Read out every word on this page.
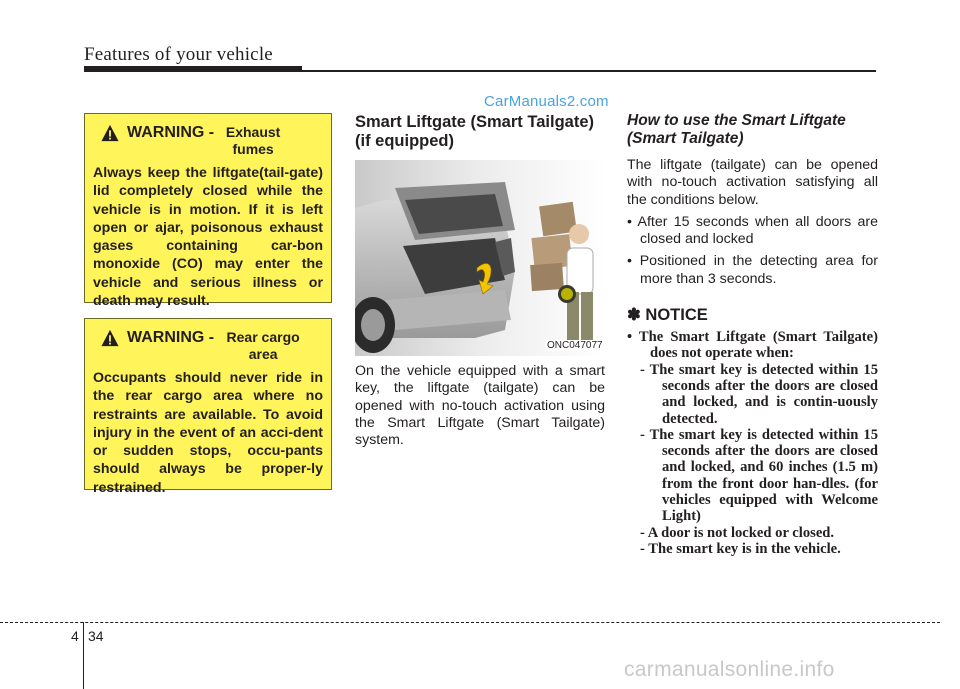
Features of your vehicle
CarManuals2.com
WARNING - Exhaust fumes
Always keep the liftgate(tail-gate) lid completely closed while the vehicle is in motion. If it is left open or ajar, poisonous exhaust gases containing car-bon monoxide (CO) may enter the vehicle and serious illness or death may result.
WARNING - Rear cargo area
Occupants should never ride in the rear cargo area where no restraints are available. To avoid injury in the event of an acci-dent or sudden stops, occu-pants should always be proper-ly restrained.
Smart Liftgate (Smart Tailgate) (if equipped)
ONC047077
On the vehicle equipped with a smart key, the liftgate (tailgate) can be opened with no-touch activation using the Smart Liftgate (Smart Tailgate) system.
How to use the Smart Liftgate (Smart Tailgate)
The liftgate (tailgate) can be opened with no-touch activation satisfying all the conditions below.
• After 15 seconds when all doors are closed and locked
• Positioned in the detecting area for more than 3 seconds.
✽ NOTICE
• The Smart Liftgate (Smart Tailgate) does not operate when:
- The smart key is detected within 15 seconds after the doors are closed and locked, and is contin-uously detected.
- The smart key is detected within 15 seconds after the doors are closed and locked, and 60 inches (1.5 m) from the front door han-dles. (for vehicles equipped with Welcome Light)
- A door is not locked or closed.
- The smart key is in the vehicle.
4 34
carmanualsonline.info
